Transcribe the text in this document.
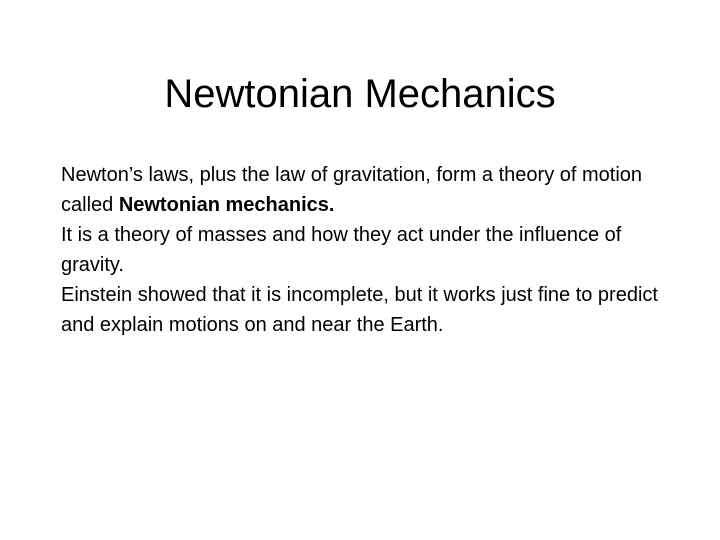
Newtonian Mechanics
Newton’s laws, plus the law of gravitation, form a theory of motion called Newtonian mechanics.
It is a theory of masses and how they act under the influence of gravity.
Einstein showed that it is incomplete, but it works just fine to predict and explain motions on and near the Earth.
